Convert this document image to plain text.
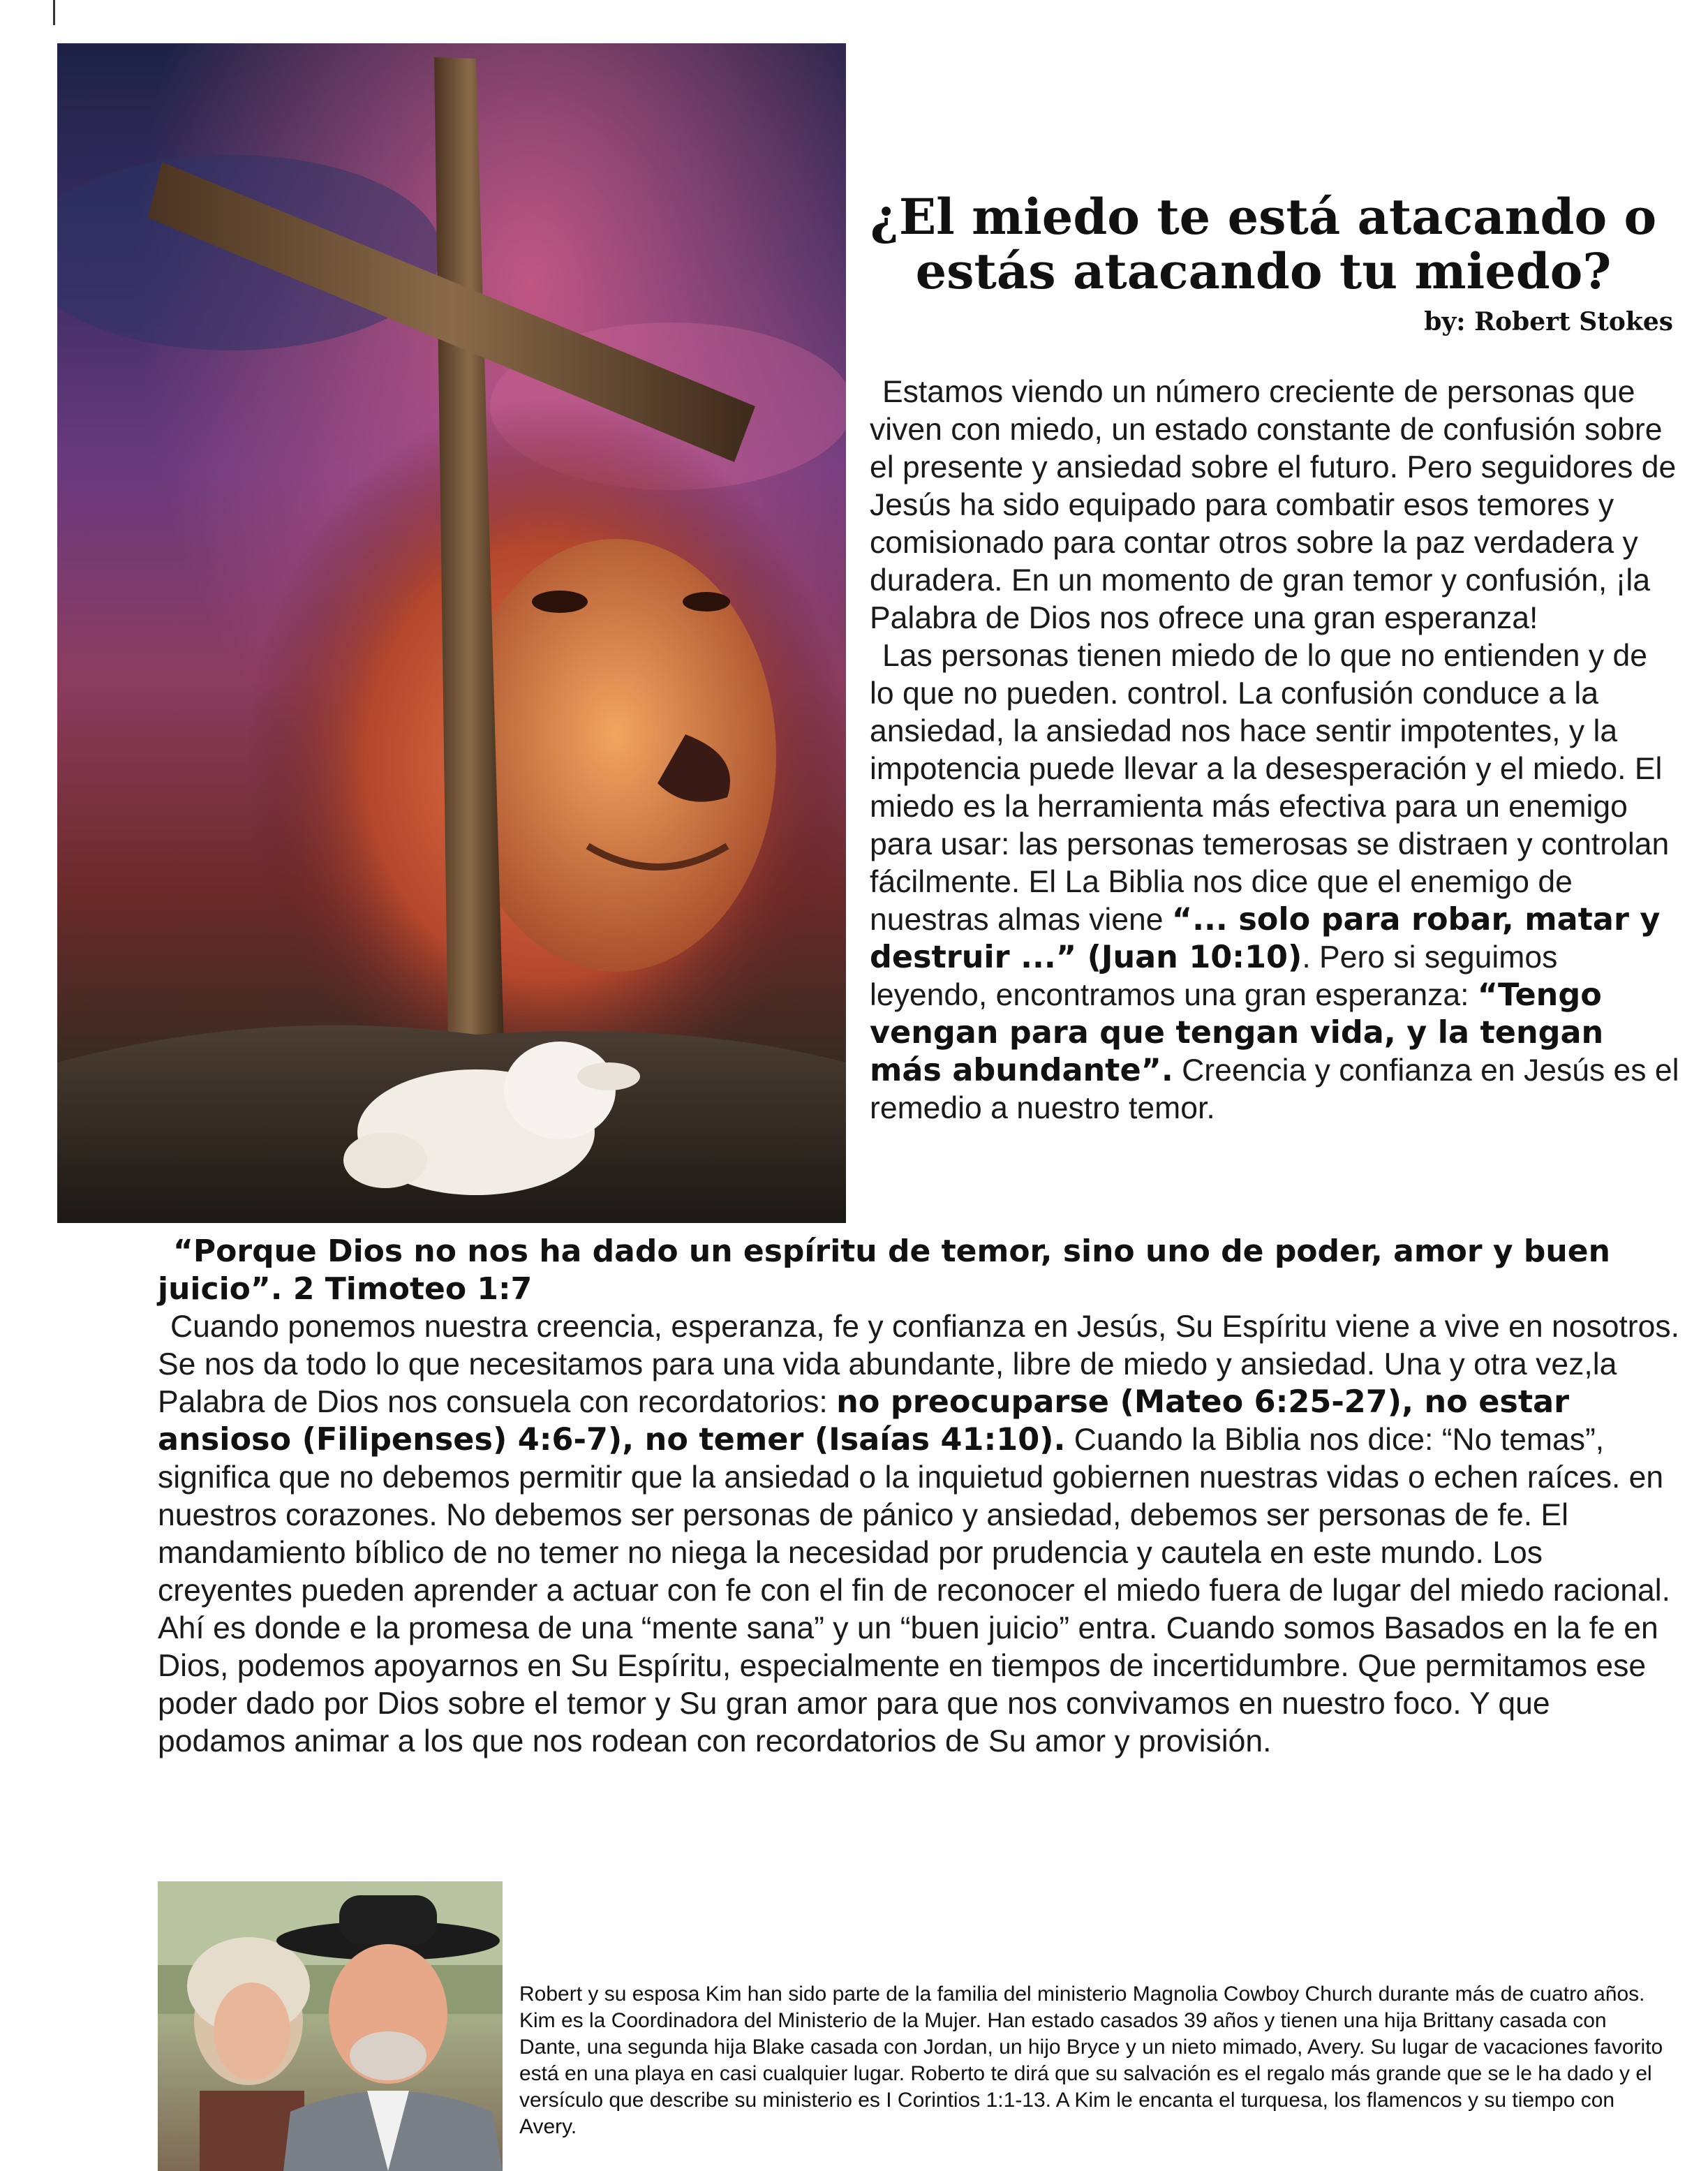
¿El miedo te está atacando o estás atacando tu miedo?
by: Robert Stokes

Estamos viendo un número creciente de personas que viven con miedo, un estado constante de confusión sobre el presente y ansiedad sobre el futuro. Pero seguidores de Jesús ha sido equipado para combatir esos temores y comisionado para contar otros sobre la paz verdadera y duradera. En un momento de gran temor y confusión, ¡la Palabra de Dios nos ofrece una gran esperanza!

Las personas tienen miedo de lo que no entienden y de lo que no pueden. control. La confusión conduce a la ansiedad, la ansiedad nos hace sentir impotentes, y la impotencia puede llevar a la desesperación y el miedo. El miedo es la herramienta más efectiva para un enemigo para usar: las personas temerosas se distraen y controlan fácilmente. El La Biblia nos dice que el enemigo de nuestras almas viene “... solo para robar, matar y destruir ...” (Juan 10:10). Pero si seguimos leyendo, encontramos una gran esperanza: “Tengo vengan para que tengan vida, y la tengan más abundante”. Creencia y confianza en Jesús es el remedio a nuestro temor.

“Porque Dios no nos ha dado un espíritu de temor, sino uno de poder, amor y buen juicio”. 2 Timoteo 1:7

Cuando ponemos nuestra creencia, esperanza, fe y confianza en Jesús, Su Espíritu viene a vive en nosotros. Se nos da todo lo que necesitamos para una vida abundante, libre de miedo y ansiedad. Una y otra vez,la Palabra de Dios nos consuela con recordatorios: no preocuparse (Mateo 6:25-27), no estar ansioso (Filipenses) 4:6-7), no temer (Isaías 41:10). Cuando la Biblia nos dice: “No temas”, significa que no debemos permitir que la ansiedad o la inquietud gobiernen nuestras vidas o echen raíces. en nuestros corazones. No debemos ser personas de pánico y ansiedad, debemos ser personas de fe. El mandamiento bíblico de no temer no niega la necesidad por prudencia y cautela en este mundo. Los creyentes pueden aprender a actuar con fe con el fin de reconocer el miedo fuera de lugar del miedo racional. Ahí es donde e la promesa de una “mente sana” y un “buen juicio” entra. Cuando somos Basados en la fe en Dios, podemos apoyarnos en Su Espíritu, especialmente en tiempos de incertidumbre. Que permitamos ese poder dado por Dios sobre el temor y Su gran amor para que nos convivamos en nuestro foco. Y que podamos animar a los que nos rodean con recordatorios de Su amor y provisión.

Robert y su esposa Kim han sido parte de la familia del ministerio Magnolia Cowboy Church durante más de cuatro años. Kim es la Coordinadora del Ministerio de la Mujer. Han estado casados 39 años y tienen una hija Brittany casada con Dante, una segunda hija Blake casada con Jordan, un hijo Bryce y un nieto mimado, Avery. Su lugar de vacaciones favorito está en una playa en casi cualquier lugar. Roberto te dirá que su salvación es el regalo más grande que se le ha dado y el versículo que describe su ministerio es I Corintios 1:1-13. A Kim le encanta el turquesa, los flamencos y su tiempo con Avery.
